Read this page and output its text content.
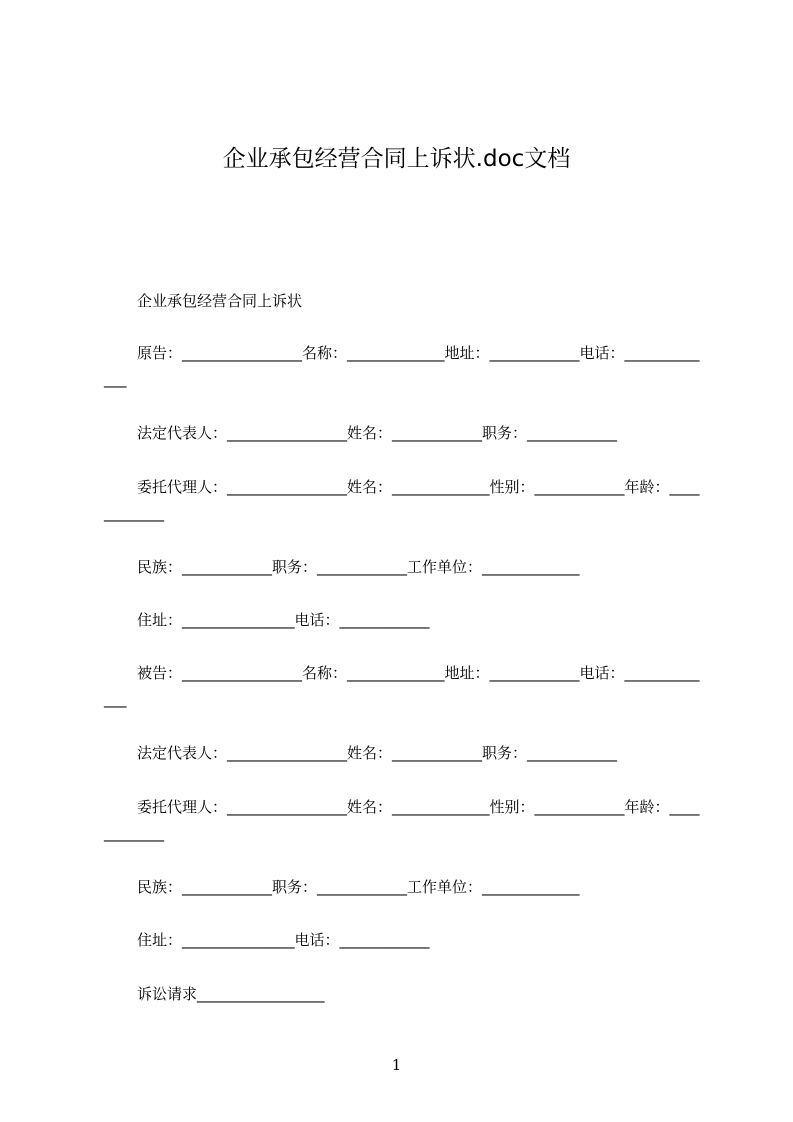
企业承包经营合同上诉状.doc文档
企业承包经营合同上诉状
原告：________________名称：_____________地址：____________电话：_____________
法定代表人：________________姓名：____________职务：____________
委托代理人：________________姓名：_____________性别：____________年龄：____________
民族：____________职务：____________工作单位：_____________
住址：_______________电话：____________
被告：________________名称：_____________地址：____________电话：_____________
法定代表人：________________姓名：____________职务：____________
委托代理人：________________姓名：_____________性别：____________年龄：____________
民族：____________职务：____________工作单位：_____________
住址：_______________电话：____________
诉讼请求_________________
1
